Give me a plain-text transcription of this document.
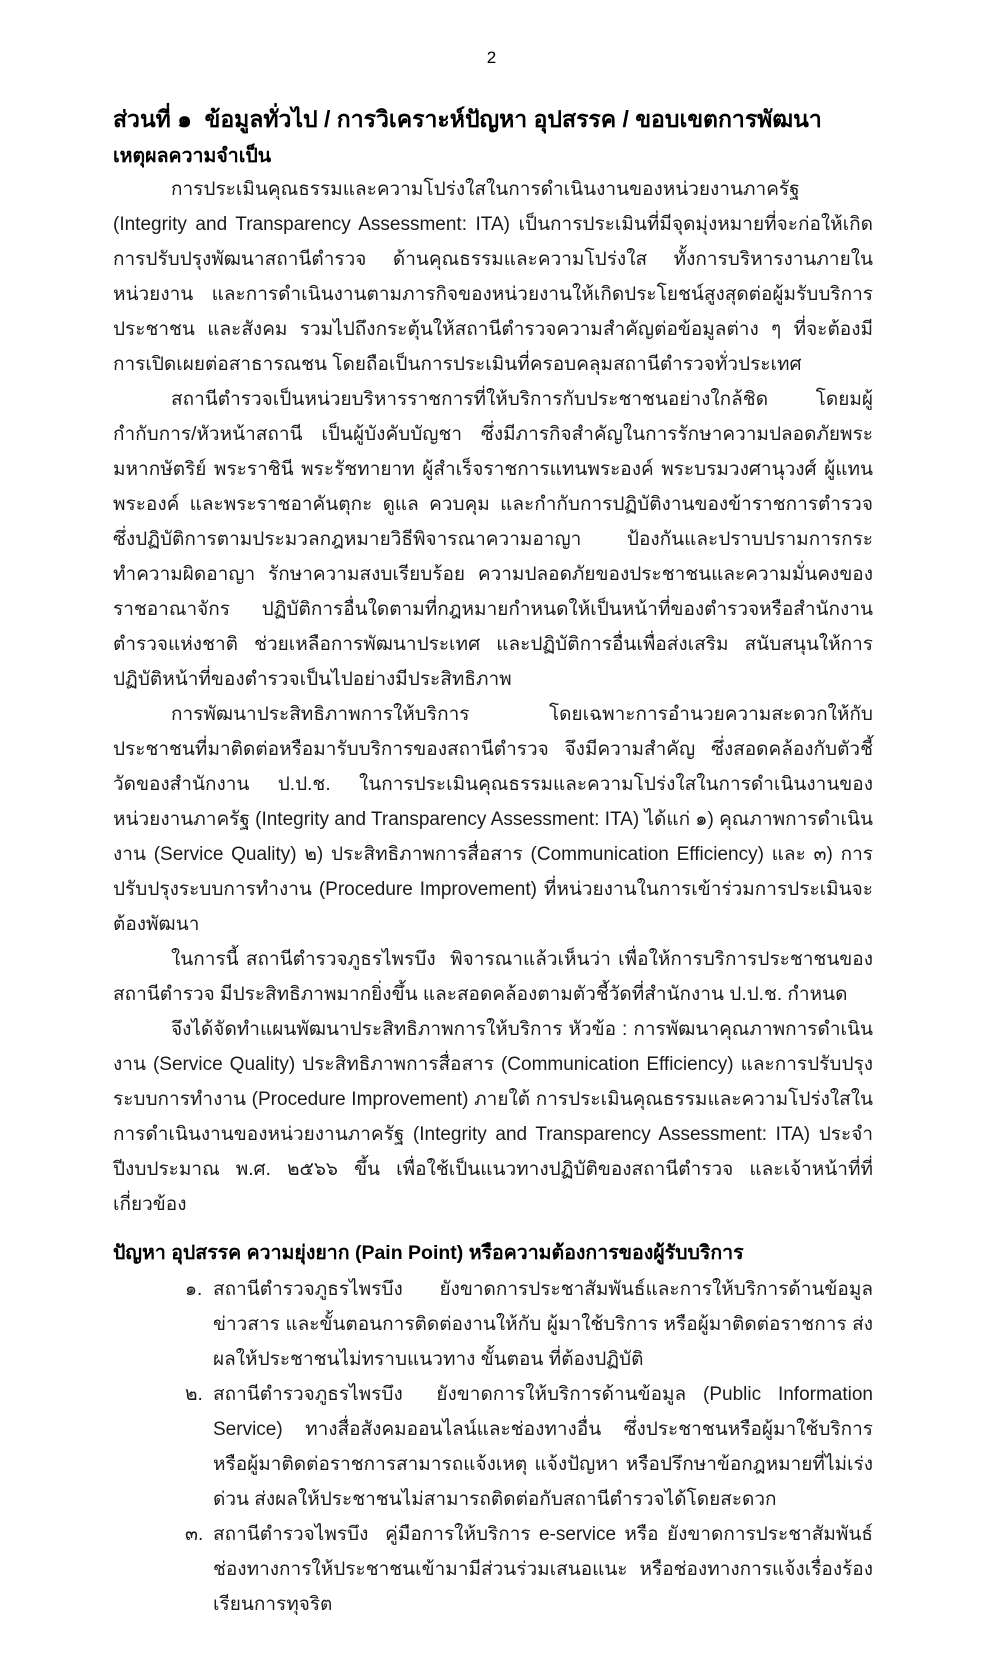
2
ส่วนที่ ๑  ข้อมูลทั่วไป / การวิเคราะห์ปัญหา อุปสรรค / ขอบเขตการพัฒนา
เหตุผลความจำเป็น

การประเมินคุณธรรมและความโปร่งใสในการดำเนินงานของหน่วยงานภาครัฐ (Integrity and Transparency Assessment: ITA) เป็นการประเมินที่มีจุดมุ่งหมายที่จะก่อให้เกิดการปรับปรุงพัฒนาสถานีตำรวจ ด้านคุณธรรมและความโปร่งใส ทั้งการบริหารงานภายในหน่วยงาน และการดำเนินงานตามภารกิจของหน่วยงานให้เกิดประโยชน์สูงสุดต่อผู้มรับบริการ ประชาชน และสังคม รวมไปถึงกระตุ้นให้สถานีตำรวจความสำคัญต่อข้อมูลต่าง ๆ ที่จะต้องมีการเปิดเผยต่อสาธารณชน โดยถือเป็นการประเมินที่ครอบคลุมสถานีตำรวจทั่วประเทศ

สถานีตำรวจเป็นหน่วยบริหารราชการที่ให้บริการกับประชาชนอย่างใกล้ชิด โดยมผู้กำกับการ/หัวหน้าสถานี เป็นผู้บังคับบัญชา ซึ่งมีภารกิจสำคัญในการรักษาความปลอดภัยพระมหากษัตริย์ พระราชินี พระรัชทายาท ผู้สำเร็จราชการแทนพระองค์ พระบรมวงศานุวงศ์ ผู้แทนพระองค์ และพระราชอาคันตุกะ ดูแล ควบคุม และกำกับการปฏิบัติงานของข้าราชการตำรวจซึ่งปฏิบัติการตามประมวลกฎหมายวิธีพิจารณาความอาญา ป้องกันและปราบปรามการกระทำความผิดอาญา รักษาความสงบเรียบร้อย ความปลอดภัยของประชาชนและความมั่นคงของราชอาณาจักร ปฏิบัติการอื่นใดตามที่กฎหมายกำหนดให้เป็นหน้าที่ของตำรวจหรือสำนักงานตำรวจแห่งชาติ ช่วยเหลือการพัฒนาประเทศ และปฏิบัติการอื่นเพื่อส่งเสริม สนับสนุนให้การปฏิบัติหน้าที่ของตำรวจเป็นไปอย่างมีประสิทธิภาพ

การพัฒนาประสิทธิภาพการให้บริการ โดยเฉพาะการอำนวยความสะดวกให้กับประชาชนที่มาติดต่อหรือมารับบริการของสถานีตำรวจ จึงมีความสำคัญ ซึ่งสอดคล้องกับตัวชี้วัดของสำนักงาน ป.ป.ช. ในการประเมินคุณธรรมและความโปร่งใสในการดำเนินงานของหน่วยงานภาครัฐ (Integrity and Transparency Assessment: ITA) ได้แก่ ๑) คุณภาพการดำเนินงาน (Service Quality) ๒) ประสิทธิภาพการสื่อสาร (Communication Efficiency) และ ๓) การปรับปรุงระบบการทำงาน (Procedure Improvement) ที่หน่วยงานในการเข้าร่วมการประเมินจะต้องพัฒนา

ในการนี้ สถานีตำรวจภูธรไพรบึง  พิจารณาแล้วเห็นว่า เพื่อให้การบริการประชาชนของสถานีตำรวจ มีประสิทธิภาพมากยิ่งขึ้น และสอดคล้องตามตัวชี้วัดที่สำนักงาน ป.ป.ช. กำหนด

จึงได้จัดทำแผนพัฒนาประสิทธิภาพการให้บริการ หัวข้อ : การพัฒนาคุณภาพการดำเนินงาน (Service Quality) ประสิทธิภาพการสื่อสาร (Communication Efficiency) และการปรับปรุงระบบการทำงาน (Procedure Improvement) ภายใต้ การประเมินคุณธรรมและความโปร่งใสในการดำเนินงานของหน่วยงานภาครัฐ (Integrity and Transparency Assessment: ITA) ประจำปีงบประมาณ พ.ศ. ๒๕๖๖ ขึ้น เพื่อใช้เป็นแนวทางปฏิบัติของสถานีตำรวจ และเจ้าหน้าที่ที่เกี่ยวข้อง

ปัญหา อุปสรรค ความยุ่งยาก (Pain Point) หรือความต้องการของผู้รับบริการ
๑. สถานีตำรวจภูธรไพรบึง  ยังขาดการประชาสัมพันธ์และการให้บริการด้านข้อมูล ข่าวสาร และขั้นตอนการติดต่องานให้กับ ผู้มาใช้บริการ หรือผู้มาติดต่อราชการ ส่งผลให้ประชาชนไม่ทราบแนวทาง ขั้นตอน ที่ต้องปฏิบัติ
๒. สถานีตำรวจภูธรไพรบึง  ยังขาดการให้บริการด้านข้อมูล (Public Information Service) ทางสื่อสังคมออนไลน์และช่องทางอื่น ซึ่งประชาชนหรือผู้มาใช้บริการ หรือผู้มาติดต่อราชการสามารถแจ้งเหตุ แจ้งปัญหา หรือปรึกษาข้อกฎหมายที่ไม่เร่งด่วน ส่งผลให้ประชาชนไม่สามารถติดต่อกับสถานีตำรวจได้โดยสะดวก
๓. สถานีตำรวจไพรบึง  คู่มือการให้บริการ e-service หรือ ยังขาดการประชาสัมพันธ์ช่องทางการให้ประชาชนเข้ามามีส่วนร่วมเสนอแนะ หรือช่องทางการแจ้งเรื่องร้องเรียนการทุจริต
